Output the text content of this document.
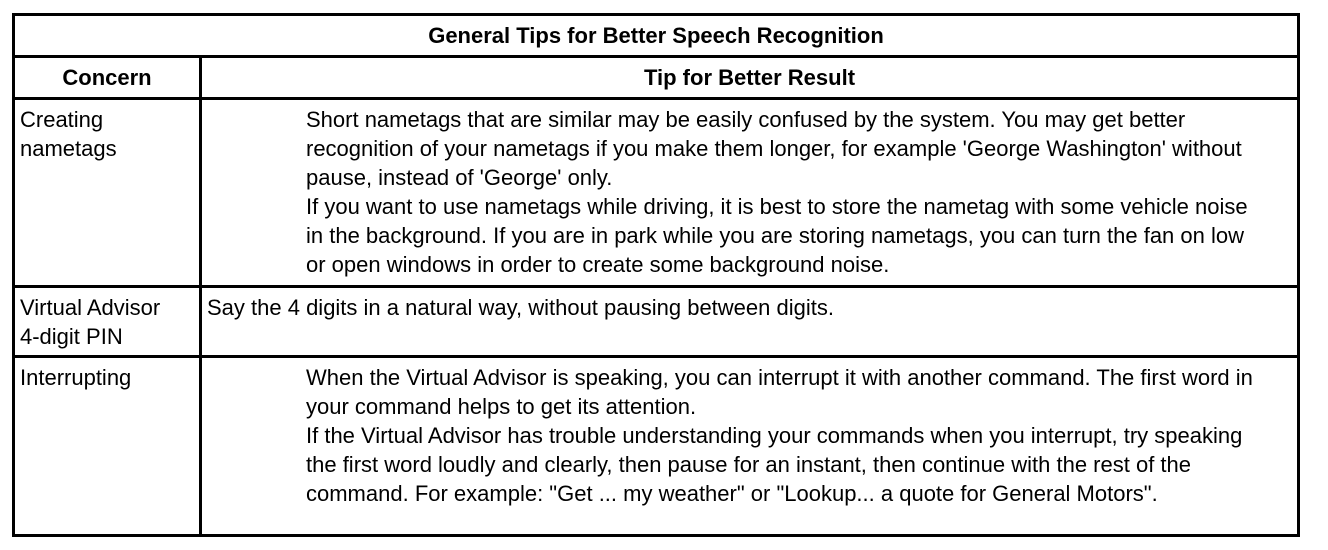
General Tips for Better Speech Recognition
Concern	Tip for Better Result
Creating
nametags

Short nametags that are similar may be easily confused by the system. You may get better recognition of your nametags if you make them longer, for example 'George Washington' without pause, instead of 'George' only.

If you want to use nametags while driving, it is best to store the nametag with some vehicle noise in the background. If you are in park while you are storing nametags, you can turn the fan on low or open windows in order to create some background noise.

Virtual Advisor
4-digit PIN

Say the 4 digits in a natural way, without pausing between digits.

Interrupting	When the Virtual Advisor is speaking, you can interrupt it with another command. The first word in your command helps to get its attention.

If the Virtual Advisor has trouble understanding your commands when you interrupt, try speaking the first word loudly and clearly, then pause for an instant, then continue with the rest of the command. For example: "Get ... my weather" or "Lookup... a quote for General Motors".
